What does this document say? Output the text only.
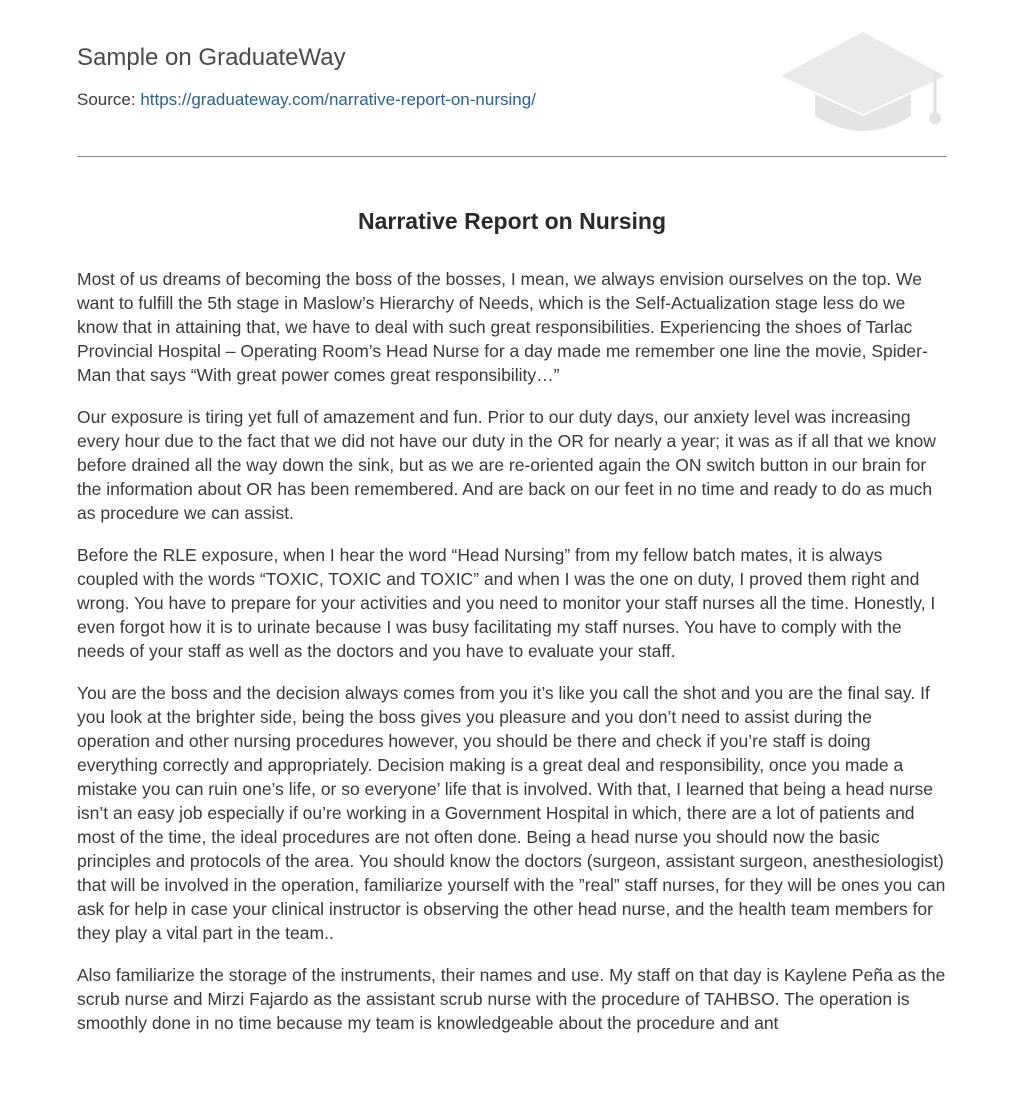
Sample on GraduateWay
Source: https://graduateway.com/narrative-report-on-nursing/
Narrative Report on Nursing

Most of us dreams of becoming the boss of the bosses, I mean, we always envision ourselves on the top. We want to fulfill the 5th stage in Maslow’s Hierarchy of Needs, which is the Self-Actualization stage less do we know that in attaining that, we have to deal with such great responsibilities. Experiencing the shoes of Tarlac Provincial Hospital – Operating Room’s Head Nurse for a day made me remember one line the movie, Spider-Man that says “With great power comes great responsibility…”

Our exposure is tiring yet full of amazement and fun. Prior to our duty days, our anxiety level was increasing every hour due to the fact that we did not have our duty in the OR for nearly a year; it was as if all that we know before drained all the way down the sink, but as we are re-oriented again the ON switch button in our brain for the information about OR has been remembered. And are back on our feet in no time and ready to do as much as procedure we can assist.

Before the RLE exposure, when I hear the word “Head Nursing” from my fellow batch mates, it is always coupled with the words “TOXIC, TOXIC and TOXIC” and when I was the one on duty, I proved them right and wrong. You have to prepare for your activities and you need to monitor your staff nurses all the time. Honestly, I even forgot how it is to urinate because I was busy facilitating my staff nurses. You have to comply with the needs of your staff as well as the doctors and you have to evaluate your staff.

You are the boss and the decision always comes from you it’s like you call the shot and you are the final say. If you look at the brighter side, being the boss gives you pleasure and you don’t need to assist during the operation and other nursing procedures however, you should be there and check if you’re staff is doing everything correctly and appropriately. Decision making is a great deal and responsibility, once you made a mistake you can ruin one’s life, or so everyone’ life that is involved. With that, I learned that being a head nurse isn’t an easy job especially if ou’re working in a Government Hospital in which, there are a lot of patients and most of the time, the ideal procedures are not often done. Being a head nurse you should now the basic principles and protocols of the area. You should know the doctors (surgeon, assistant surgeon, anesthesiologist) that will be involved in the operation, familiarize yourself with the ”real” staff nurses, for they will be ones you can ask for help in case your clinical instructor is observing the other head nurse, and the health team members for they play a vital part in the team..

Also familiarize the storage of the instruments, their names and use. My staff on that day is Kaylene Peña as the scrub nurse and Mirzi Fajardo as the assistant scrub nurse with the procedure of TAHBSO. The operation is smoothly done in no time because my team is knowledgeable about the procedure and ant
